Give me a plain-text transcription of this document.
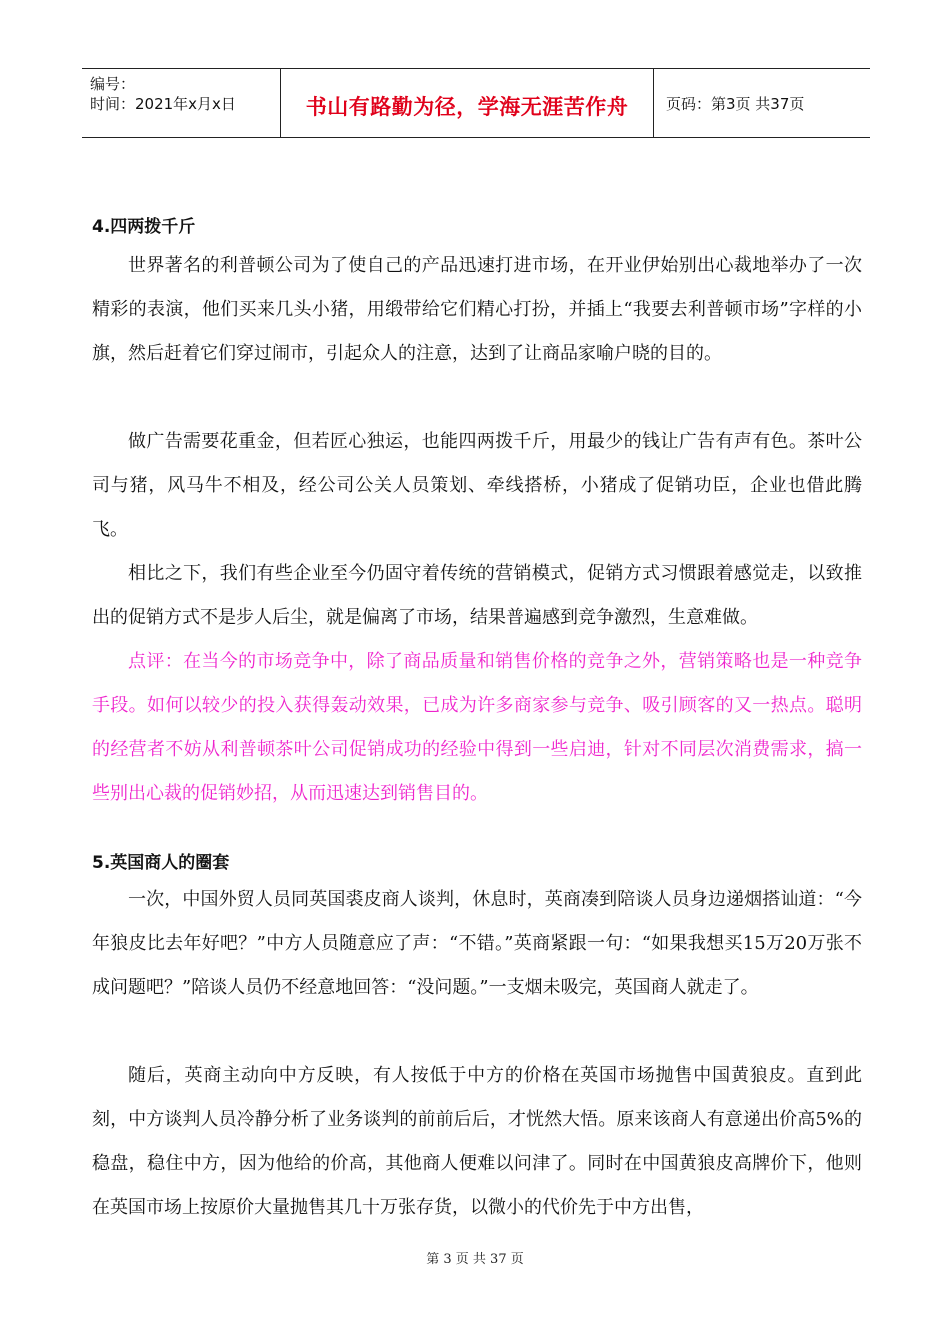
编号：
时间：2021年x月x日	书山有路勤为径，学海无涯苦作舟	页码：第3页 共37页
4.四两拨千斤
世界著名的利普顿公司为了使自己的产品迅速打进市场，在开业伊始别出心裁地举办了一次精彩的表演，他们买来几头小猪，用缎带给它们精心打扮，并插上“我要去利普顿市场”字样的小旗，然后赶着它们穿过闹市，引起众人的注意，达到了让商品家喻户晓的目的。
做广告需要花重金，但若匠心独运，也能四两拨千斤，用最少的钱让广告有声有色。茶叶公司与猪，风马牛不相及，经公司公关人员策划、牵线搭桥，小猪成了促销功臣，企业也借此腾飞。
相比之下，我们有些企业至今仍固守着传统的营销模式，促销方式习惯跟着感觉走，以致推出的促销方式不是步人后尘，就是偏离了市场，结果普遍感到竞争激烈，生意难做。
点评：在当今的市场竞争中，除了商品质量和销售价格的竞争之外，营销策略也是一种竞争手段。如何以较少的投入获得轰动效果，已成为许多商家参与竞争、吸引顾客的又一热点。聪明的经营者不妨从利普顿茶叶公司促销成功的经验中得到一些启迪，针对不同层次消费需求，搞一些别出心裁的促销妙招，从而迅速达到销售目的。
5.英国商人的圈套
一次，中国外贸人员同英国裘皮商人谈判，休息时，英商凑到陪谈人员身边递烟搭讪道：“今年狼皮比去年好吧？”中方人员随意应了声：“不错。”英商紧跟一句：“如果我想买15万20万张不成问题吧？”陪谈人员仍不经意地回答：“没问题。”一支烟未吸完，英国商人就走了。
随后，英商主动向中方反映，有人按低于中方的价格在英国市场抛售中国黄狼皮。直到此刻，中方谈判人员冷静分析了业务谈判的前前后后，才恍然大悟。原来该商人有意递出价高5%的稳盘，稳住中方，因为他给的价高，其他商人便难以问津了。同时在中国黄狼皮高牌价下，他则在英国市场上按原价大量抛售其几十万张存货，以微小的代价先于中方出售，
第 3 页 共 37 页
